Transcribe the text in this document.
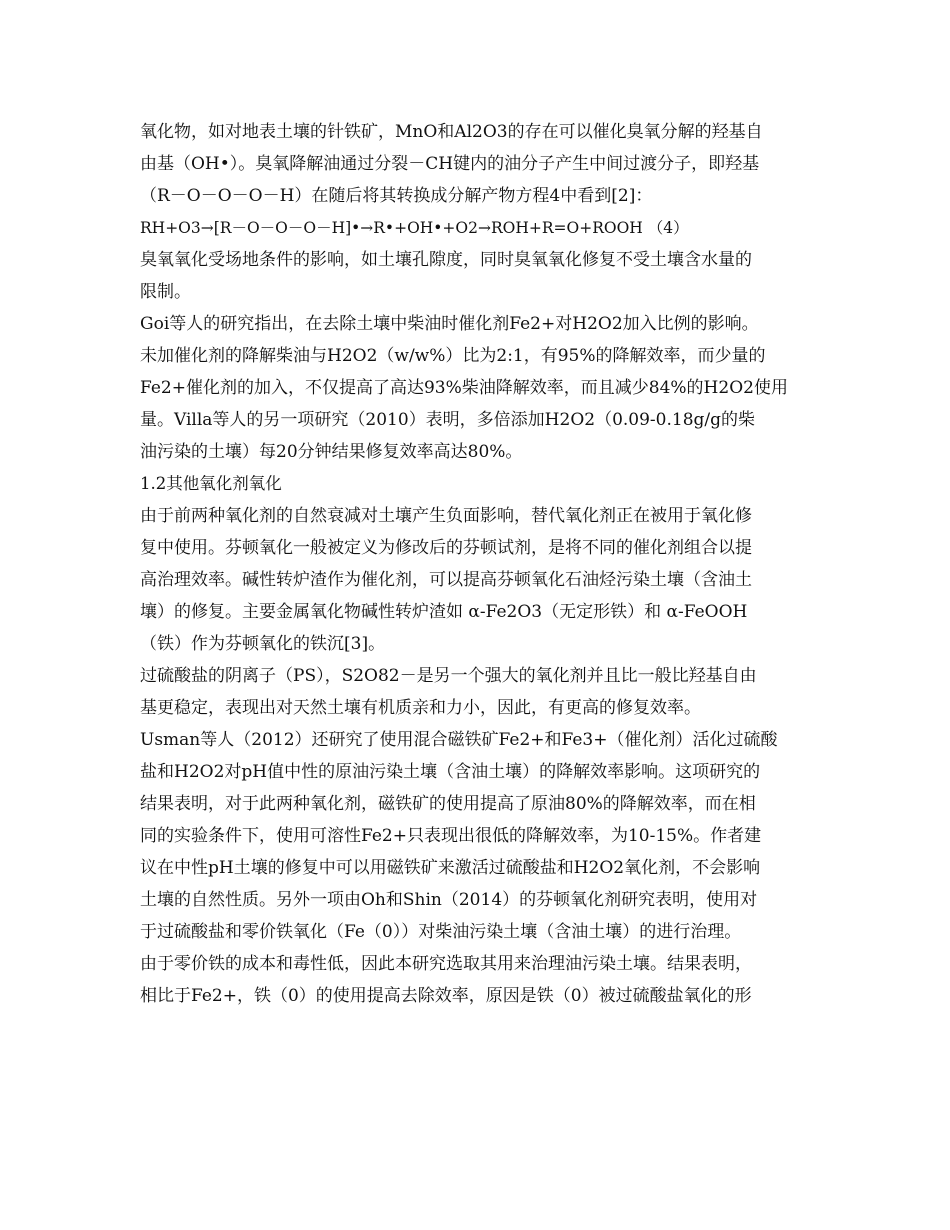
氧化物，如对地表土壤的针铁矿，MnO和Al2O3的存在可以催化臭氧分解的羟基自
由基（OH•）。臭氧降解油通过分裂－CH键内的油分子产生中间过渡分子，即羟基
（R－O－O－O－H）在随后将其转换成分解产物方程4中看到[2]：
RH+O3→[R－O－O－O－H]•→R•+OH•+O2→ROH+R=O+ROOH （4）
臭氧氧化受场地条件的影响，如土壤孔隙度，同时臭氧氧化修复不受土壤含水量的
限制。
Goi等人的研究指出，在去除土壤中柴油时催化剂Fe2+对H2O2加入比例的影响。
未加催化剂的降解柴油与H2O2（w/w%）比为2:1，有95%的降解效率，而少量的
Fe2+催化剂的加入，不仅提高了高达93%柴油降解效率，而且减少84%的H2O2使用
量。Villa等人的另一项研究（2010）表明，多倍添加H2O2（0.09-0.18g/g的柴
油污染的土壤）每20分钟结果修复效率高达80%。
1.2其他氧化剂氧化
由于前两种氧化剂的自然衰减对土壤产生负面影响，替代氧化剂正在被用于氧化修
复中使用。芬顿氧化一般被定义为修改后的芬顿试剂，是将不同的催化剂组合以提
高治理效率。碱性转炉渣作为催化剂，可以提高芬顿氧化石油烃污染土壤（含油土
壤）的修复。主要金属氧化物碱性转炉渣如 α-Fe2O3（无定形铁）和 α-FeOOH
（铁）作为芬顿氧化的铁沉[3]。
过硫酸盐的阴离子（PS），S2O82－是另一个强大的氧化剂并且比一般比羟基自由
基更稳定，表现出对天然土壤有机质亲和力小，因此，有更高的修复效率。
Usman等人（2012）还研究了使用混合磁铁矿Fe2+和Fe3+（催化剂）活化过硫酸
盐和H2O2对pH值中性的原油污染土壤（含油土壤）的降解效率影响。这项研究的
结果表明，对于此两种氧化剂，磁铁矿的使用提高了原油80%的降解效率，而在相
同的实验条件下，使用可溶性Fe2+只表现出很低的降解效率，为10-15%。作者建
议在中性pH土壤的修复中可以用磁铁矿来激活过硫酸盐和H2O2氧化剂，不会影响
土壤的自然性质。另外一项由Oh和Shin（2014）的芬顿氧化剂研究表明，使用对
于过硫酸盐和零价铁氧化（Fe（0））对柴油污染土壤（含油土壤）的进行治理。
由于零价铁的成本和毒性低，因此本研究选取其用来治理油污染土壤。结果表明，
相比于Fe2+，铁（0）的使用提高去除效率，原因是铁（0）被过硫酸盐氧化的形
